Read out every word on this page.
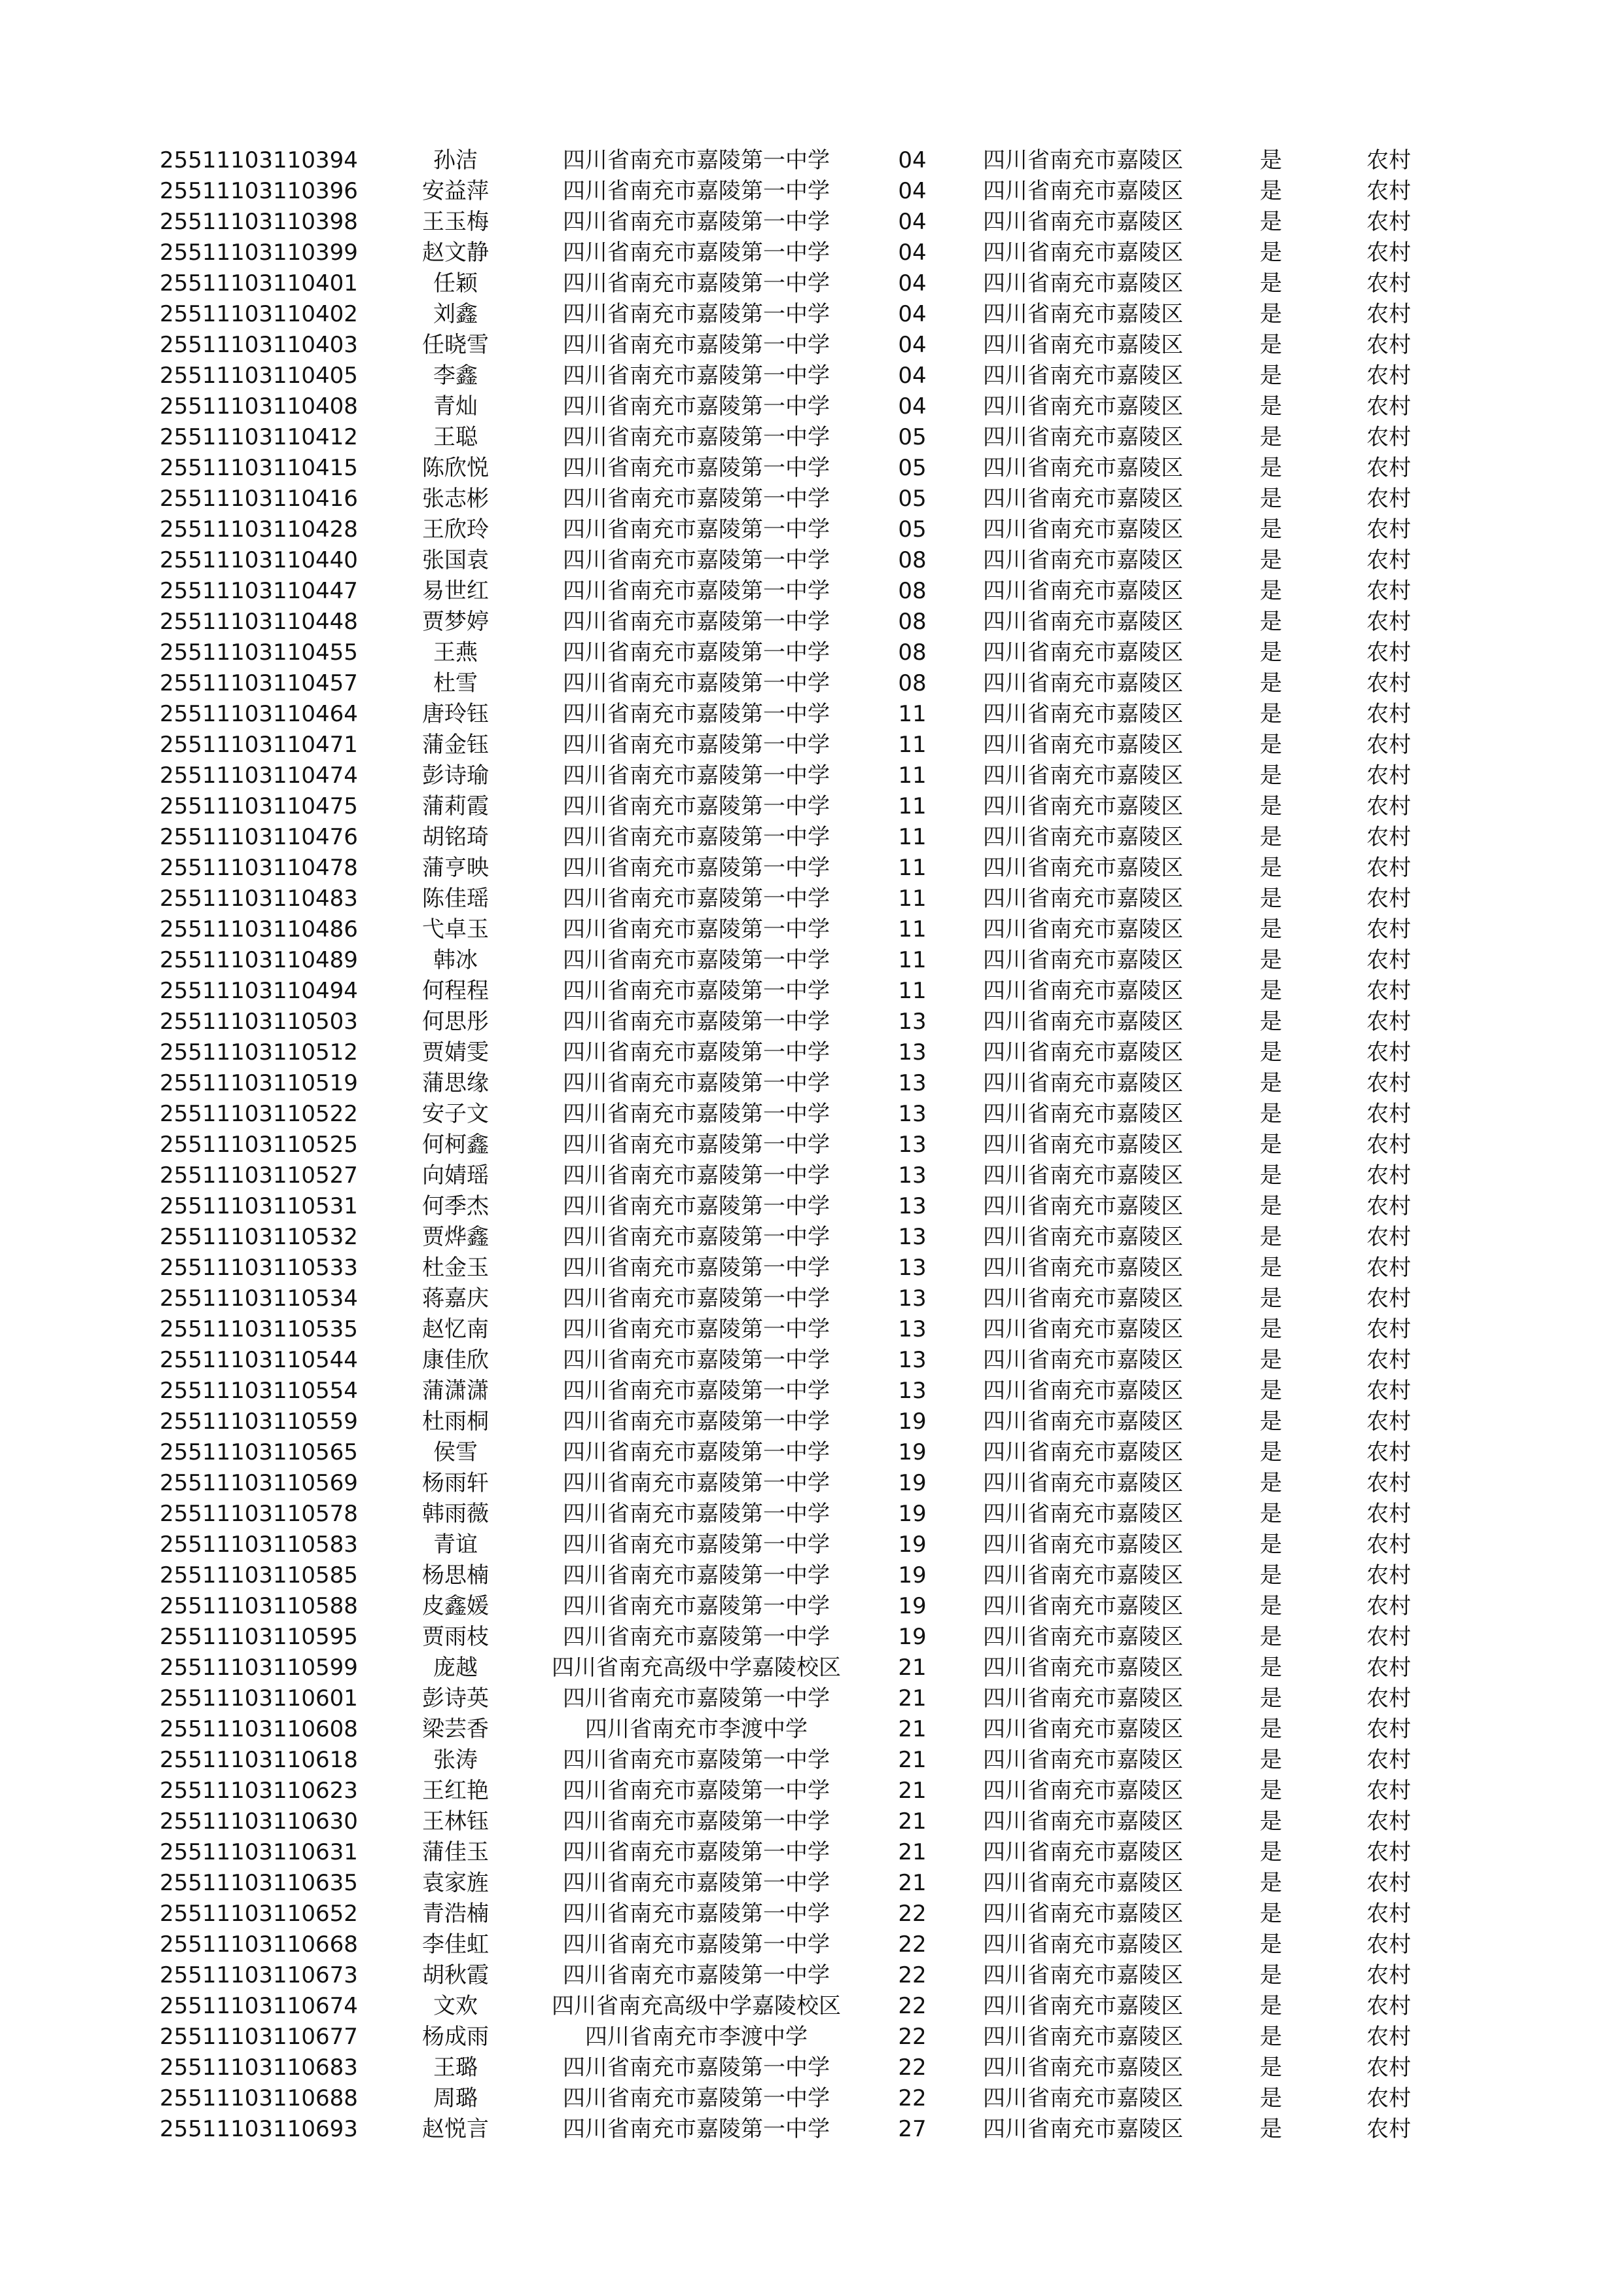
25511103110394	孙洁	四川省南充市嘉陵第一中学	04	四川省南充市嘉陵区	是	农村
25511103110396	安益萍	四川省南充市嘉陵第一中学	04	四川省南充市嘉陵区	是	农村
25511103110398	王玉梅	四川省南充市嘉陵第一中学	04	四川省南充市嘉陵区	是	农村
25511103110399	赵文静	四川省南充市嘉陵第一中学	04	四川省南充市嘉陵区	是	农村
25511103110401	任颖	四川省南充市嘉陵第一中学	04	四川省南充市嘉陵区	是	农村
25511103110402	刘鑫	四川省南充市嘉陵第一中学	04	四川省南充市嘉陵区	是	农村
25511103110403	任晓雪	四川省南充市嘉陵第一中学	04	四川省南充市嘉陵区	是	农村
25511103110405	李鑫	四川省南充市嘉陵第一中学	04	四川省南充市嘉陵区	是	农村
25511103110408	青灿	四川省南充市嘉陵第一中学	04	四川省南充市嘉陵区	是	农村
25511103110412	王聪	四川省南充市嘉陵第一中学	05	四川省南充市嘉陵区	是	农村
25511103110415	陈欣悦	四川省南充市嘉陵第一中学	05	四川省南充市嘉陵区	是	农村
25511103110416	张志彬	四川省南充市嘉陵第一中学	05	四川省南充市嘉陵区	是	农村
25511103110428	王欣玲	四川省南充市嘉陵第一中学	05	四川省南充市嘉陵区	是	农村
25511103110440	张国袁	四川省南充市嘉陵第一中学	08	四川省南充市嘉陵区	是	农村
25511103110447	易世红	四川省南充市嘉陵第一中学	08	四川省南充市嘉陵区	是	农村
25511103110448	贾梦婷	四川省南充市嘉陵第一中学	08	四川省南充市嘉陵区	是	农村
25511103110455	王燕	四川省南充市嘉陵第一中学	08	四川省南充市嘉陵区	是	农村
25511103110457	杜雪	四川省南充市嘉陵第一中学	08	四川省南充市嘉陵区	是	农村
25511103110464	唐玲钰	四川省南充市嘉陵第一中学	11	四川省南充市嘉陵区	是	农村
25511103110471	蒲金钰	四川省南充市嘉陵第一中学	11	四川省南充市嘉陵区	是	农村
25511103110474	彭诗瑜	四川省南充市嘉陵第一中学	11	四川省南充市嘉陵区	是	农村
25511103110475	蒲莉霞	四川省南充市嘉陵第一中学	11	四川省南充市嘉陵区	是	农村
25511103110476	胡铭琦	四川省南充市嘉陵第一中学	11	四川省南充市嘉陵区	是	农村
25511103110478	蒲亨映	四川省南充市嘉陵第一中学	11	四川省南充市嘉陵区	是	农村
25511103110483	陈佳瑶	四川省南充市嘉陵第一中学	11	四川省南充市嘉陵区	是	农村
25511103110486	弋卓玉	四川省南充市嘉陵第一中学	11	四川省南充市嘉陵区	是	农村
25511103110489	韩冰	四川省南充市嘉陵第一中学	11	四川省南充市嘉陵区	是	农村
25511103110494	何程程	四川省南充市嘉陵第一中学	11	四川省南充市嘉陵区	是	农村
25511103110503	何思彤	四川省南充市嘉陵第一中学	13	四川省南充市嘉陵区	是	农村
25511103110512	贾婧雯	四川省南充市嘉陵第一中学	13	四川省南充市嘉陵区	是	农村
25511103110519	蒲思缘	四川省南充市嘉陵第一中学	13	四川省南充市嘉陵区	是	农村
25511103110522	安子文	四川省南充市嘉陵第一中学	13	四川省南充市嘉陵区	是	农村
25511103110525	何柯鑫	四川省南充市嘉陵第一中学	13	四川省南充市嘉陵区	是	农村
25511103110527	向婧瑶	四川省南充市嘉陵第一中学	13	四川省南充市嘉陵区	是	农村
25511103110531	何季杰	四川省南充市嘉陵第一中学	13	四川省南充市嘉陵区	是	农村
25511103110532	贾烨鑫	四川省南充市嘉陵第一中学	13	四川省南充市嘉陵区	是	农村
25511103110533	杜金玉	四川省南充市嘉陵第一中学	13	四川省南充市嘉陵区	是	农村
25511103110534	蒋嘉庆	四川省南充市嘉陵第一中学	13	四川省南充市嘉陵区	是	农村
25511103110535	赵忆南	四川省南充市嘉陵第一中学	13	四川省南充市嘉陵区	是	农村
25511103110544	康佳欣	四川省南充市嘉陵第一中学	13	四川省南充市嘉陵区	是	农村
25511103110554	蒲潇潇	四川省南充市嘉陵第一中学	13	四川省南充市嘉陵区	是	农村
25511103110559	杜雨桐	四川省南充市嘉陵第一中学	19	四川省南充市嘉陵区	是	农村
25511103110565	侯雪	四川省南充市嘉陵第一中学	19	四川省南充市嘉陵区	是	农村
25511103110569	杨雨轩	四川省南充市嘉陵第一中学	19	四川省南充市嘉陵区	是	农村
25511103110578	韩雨薇	四川省南充市嘉陵第一中学	19	四川省南充市嘉陵区	是	农村
25511103110583	青谊	四川省南充市嘉陵第一中学	19	四川省南充市嘉陵区	是	农村
25511103110585	杨思楠	四川省南充市嘉陵第一中学	19	四川省南充市嘉陵区	是	农村
25511103110588	皮鑫媛	四川省南充市嘉陵第一中学	19	四川省南充市嘉陵区	是	农村
25511103110595	贾雨枝	四川省南充市嘉陵第一中学	19	四川省南充市嘉陵区	是	农村
25511103110599	庞越	四川省南充高级中学嘉陵校区	21	四川省南充市嘉陵区	是	农村
25511103110601	彭诗英	四川省南充市嘉陵第一中学	21	四川省南充市嘉陵区	是	农村
25511103110608	梁芸香	四川省南充市李渡中学	21	四川省南充市嘉陵区	是	农村
25511103110618	张涛	四川省南充市嘉陵第一中学	21	四川省南充市嘉陵区	是	农村
25511103110623	王红艳	四川省南充市嘉陵第一中学	21	四川省南充市嘉陵区	是	农村
25511103110630	王林钰	四川省南充市嘉陵第一中学	21	四川省南充市嘉陵区	是	农村
25511103110631	蒲佳玉	四川省南充市嘉陵第一中学	21	四川省南充市嘉陵区	是	农村
25511103110635	袁家旌	四川省南充市嘉陵第一中学	21	四川省南充市嘉陵区	是	农村
25511103110652	青浩楠	四川省南充市嘉陵第一中学	22	四川省南充市嘉陵区	是	农村
25511103110668	李佳虹	四川省南充市嘉陵第一中学	22	四川省南充市嘉陵区	是	农村
25511103110673	胡秋霞	四川省南充市嘉陵第一中学	22	四川省南充市嘉陵区	是	农村
25511103110674	文欢	四川省南充高级中学嘉陵校区	22	四川省南充市嘉陵区	是	农村
25511103110677	杨成雨	四川省南充市李渡中学	22	四川省南充市嘉陵区	是	农村
25511103110683	王璐	四川省南充市嘉陵第一中学	22	四川省南充市嘉陵区	是	农村
25511103110688	周璐	四川省南充市嘉陵第一中学	22	四川省南充市嘉陵区	是	农村
25511103110693	赵悦言	四川省南充市嘉陵第一中学	27	四川省南充市嘉陵区	是	农村
